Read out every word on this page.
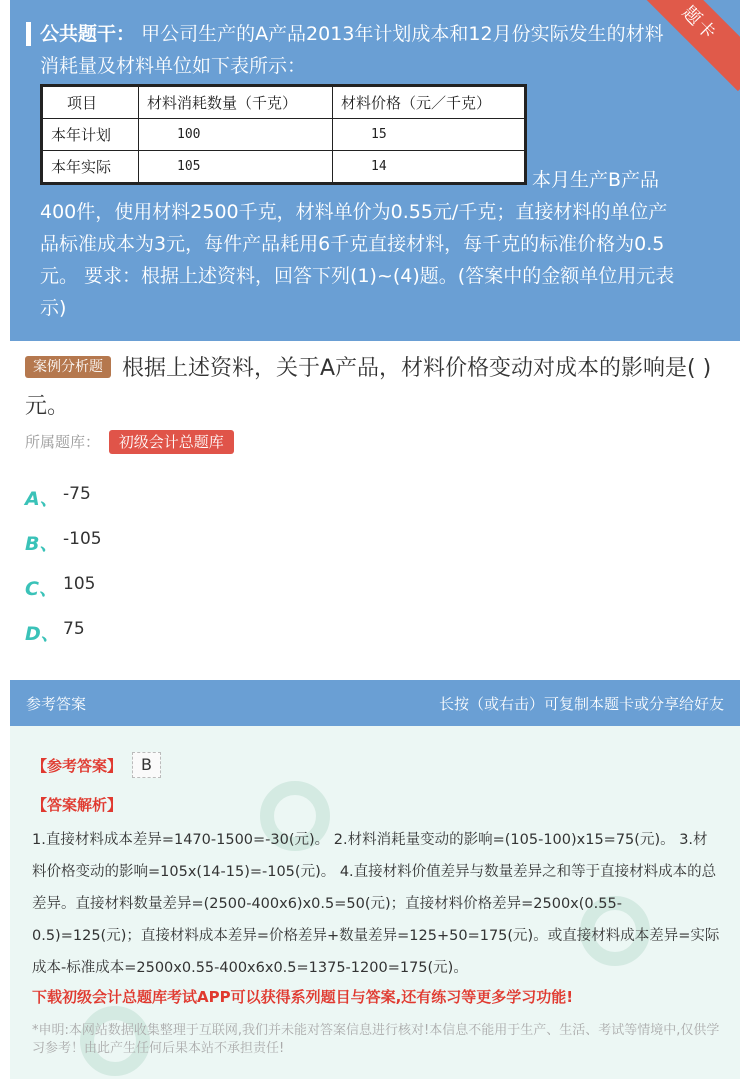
公共题干： 甲公司生产的A产品2013年计划成本和12月份实际发生的材料消耗量及材料单位如下表所示：
项目	材料消耗数量（千克）	材料价格（元／千克）
本年计划	100	15
本年实际	105	14
本月生产B产品
400件，使用材料2500千克，材料单价为0.55元/千克；直接材料的单位产品标准成本为3元，每件产品耗用6千克直接材料，每千克的标准价格为0.5元。 要求：根据上述资料，回答下列(1)~(4)题。(答案中的金额单位用元表示)
题卡
案例分析题 根据上述资料，关于A产品，材料价格变动对成本的影响是( )元。
所属题库： 初级会计总题库
A、 -75
B、 -105
C、 105
D、 75
参考答案	长按（或右击）可复制本题卡或分享给好友
【参考答案】	B
【答案解析】
1.直接材料成本差异=1470-1500=-30(元)。 2.材料消耗量变动的影响=(105-100)x15=75(元)。 3.材料价格变动的影响=105x(14-15)=-105(元)。 4.直接材料价值差异与数量差异之和等于直接材料成本的总差异。直接材料数量差异=(2500-400x6)x0.5=50(元)；直接材料价格差异=2500x(0.55-0.5)=125(元)；直接材料成本差异=价格差异+数量差异=125+50=175(元)。或直接材料成本差异=实际成本-标准成本=2500x0.55-400x6x0.5=1375-1200=175(元)。
下载初级会计总题库考试APP可以获得系列题目与答案,还有练习等更多学习功能!
*申明:本网站数据收集整理于互联网,我们并未能对答案信息进行核对!本信息不能用于生产、生活、考试等情境中,仅供学习参考！由此产生任何后果本站不承担责任!
